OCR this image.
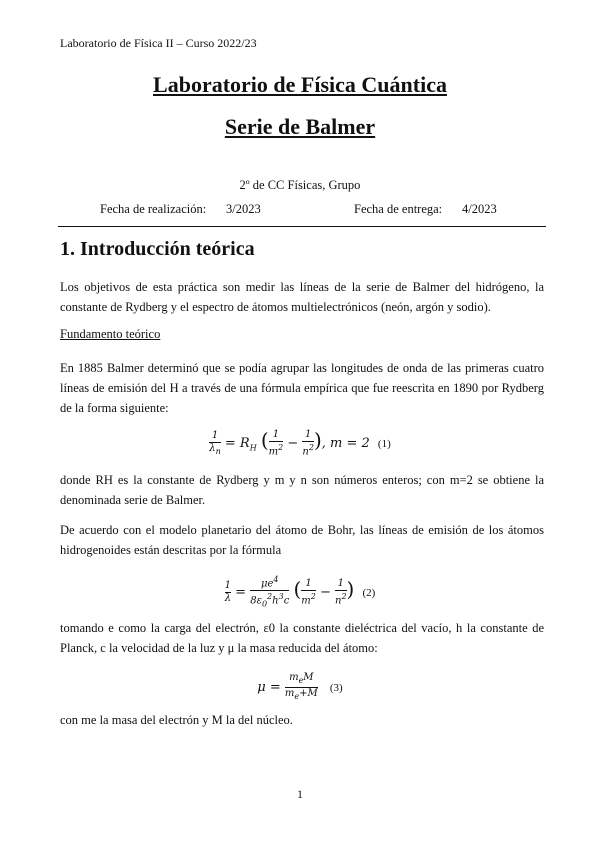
Laboratorio de Física II – Curso 2022/23
Laboratorio de Física Cuántica
Serie de Balmer
2º de CC Físicas, Grupo
Fecha de realización: 3/2023	Fecha de entrega: 4/2023
1. Introducción teórica
Los objetivos de esta práctica son medir las líneas de la serie de Balmer del hidrógeno, la constante de Rydberg y el espectro de átomos multielectrónicos (neón, argón y sodio).
Fundamento teórico
En 1885 Balmer determinó que se podía agrupar las longitudes de onda de las primeras cuatro líneas de emisión del H a través de una fórmula empírica que fue reescrita en 1890 por Rydberg de la forma siguiente:
$\frac{1}{\lambda_n} = R_H$ ( $\frac{1}{m^2} - \frac{1}{n^2}$ ), m = 2  (1)
donde RH es la constante de Rydberg y m y n son números enteros; con m=2 se obtiene la denominada serie de Balmer.
De acuerdo con el modelo planetario del átomo de Bohr, las líneas de emisión de los átomos hidrogenoides están descritas por la fórmula
$\frac{1}{\lambda} = \frac{\mu e^4}{8\varepsilon_0^2h^3c}$ ( $\frac{1}{m^2} - \frac{1}{n^2}$ ) (2)
tomando e como la carga del electrón, ε0 la constante dieléctrica del vacío, h la constante de Planck, c la velocidad de la luz y μ la masa reducida del átomo:
$\mu = \frac{m_eM}{m_e+M} (3)$
con me la masa del electrón y M la del núcleo.
1
